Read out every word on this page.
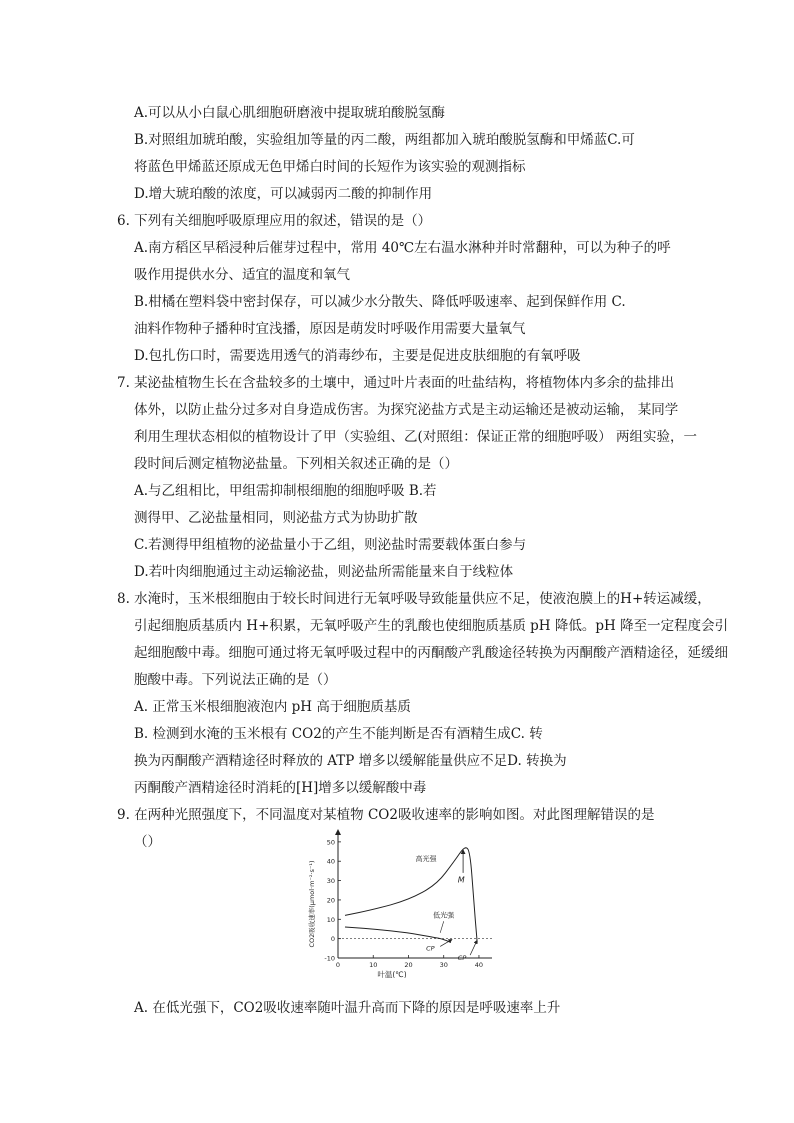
A.可以从小白鼠心肌细胞研磨液中提取琥珀酸脱氢酶
B.对照组加琥珀酸，实验组加等量的丙二酸，两组都加入琥珀酸脱氢酶和甲烯蓝C.可
将蓝色甲烯蓝还原成无色甲烯白时间的长短作为该实验的观测指标
D.增大琥珀酸的浓度，可以减弱丙二酸的抑制作用
6. 下列有关细胞呼吸原理应用的叙述，错误的是（）
A.南方稻区早稻浸种后催芽过程中，常用 40℃左右温水淋种并时常翻种，可以为种子的呼
吸作用提供水分、适宜的温度和氧气
B.柑橘在塑料袋中密封保存，可以减少水分散失、降低呼吸速率、起到保鲜作用 C.
油料作物种子播种时宜浅播，原因是萌发时呼吸作用需要大量氧气
D.包扎伤口时，需要选用透气的消毒纱布，主要是促进皮肤细胞的有氧呼吸
7. 某泌盐植物生长在含盐较多的土壤中，通过叶片表面的吐盐结构，将植物体内多余的盐排出
体外，以防止盐分过多对自身造成伤害。为探究泌盐方式是主动运输还是被动运输， 某同学
利用生理状态相似的植物设计了甲（实验组、乙(对照组：保证正常的细胞呼吸） 两组实验，一
段时间后测定植物泌盐量。下列相关叙述正确的是（）
A.与乙组相比，甲组需抑制根细胞的细胞呼吸 B.若
测得甲、乙泌盐量相同，则泌盐方式为协助扩散
C.若测得甲组植物的泌盐量小于乙组，则泌盐时需要载体蛋白参与
D.若叶肉细胞通过主动运输泌盐，则泌盐所需能量来自于线粒体
8. 水淹时，玉米根细胞由于较长时间进行无氧呼吸导致能量供应不足，使液泡膜上的H+转运减缓，
引起细胞质基质内 H+积累，无氧呼吸产生的乳酸也使细胞质基质 pH 降低。pH 降至一定程度会引
起细胞酸中毒。细胞可通过将无氧呼吸过程中的丙酮酸产乳酸途径转换为丙酮酸产酒精途径，延缓细
胞酸中毒。下列说法正确的是（）
A. 正常玉米根细胞液泡内 pH 高于细胞质基质
B. 检测到水淹的玉米根有 CO2的产生不能判断是否有酒精生成C. 转
换为丙酮酸产酒精途径时释放的 ATP 增多以缓解能量供应不足D. 转换为
丙酮酸产酒精途径时消耗的[H]增多以缓解酸中毒
9. 在两种光照强度下，不同温度对某植物 CO2吸收速率的影响如图。对此图理解错误的是
（）
-10
0
10
20
30
40
50
0	10	20	30	40
叶温(℃)
CO2吸收速率(μmol·m⁻²·s⁻¹)
高光强
低光强
M
CP
CP
A. 在低光强下，CO2吸收速率随叶温升高而下降的原因是呼吸速率上升
